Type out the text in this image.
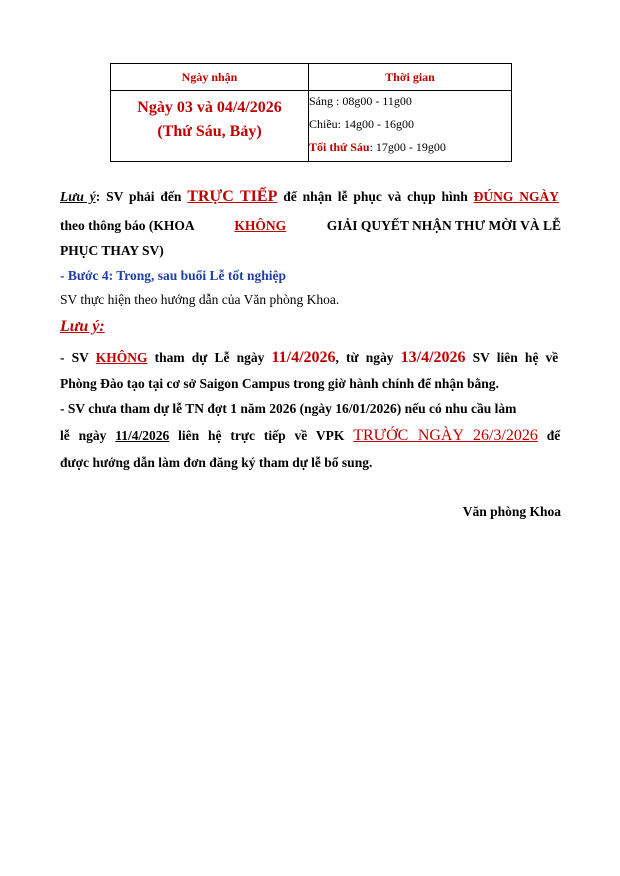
Ngày nhận	Thời gian

Ngày 03 và 04/4/2026
(Thứ Sáu, Bảy)	Sáng : 08g00 - 11g00
Chiều: 14g00 - 16g00
Tối thứ Sáu: 17g00 - 19g00
Lưu ý: SV phải đến TRỰC TIẾP để nhận lễ phục và chụp hình ĐÚNG NGÀY
theo thông báo (KHOA	KHÔNG	GIẢI QUYẾT NHẬN THƯ MỜI VÀ LỄ
PHỤC THAY SV)
- Bước 4: Trong, sau buổi Lễ tốt nghiệp
SV thực hiện theo hướng dẫn của Văn phòng Khoa.
Lưu ý:
- SV KHÔNG tham dự Lễ ngày 11/4/2026, từ ngày 13/4/2026 SV liên hệ về
Phòng Đào tạo tại cơ sở Saigon Campus trong giờ hành chính để nhận bằng.
- SV chưa tham dự lễ TN đợt 1 năm 2026 (ngày 16/01/2026) nếu có nhu cầu làm
lễ ngày 11/4/2026 liên hệ trực tiếp về VPK TRƯỚC NGÀY 26/3/2026 để
được hướng dẫn làm đơn đăng ký tham dự lễ bổ sung.
Văn phòng Khoa
